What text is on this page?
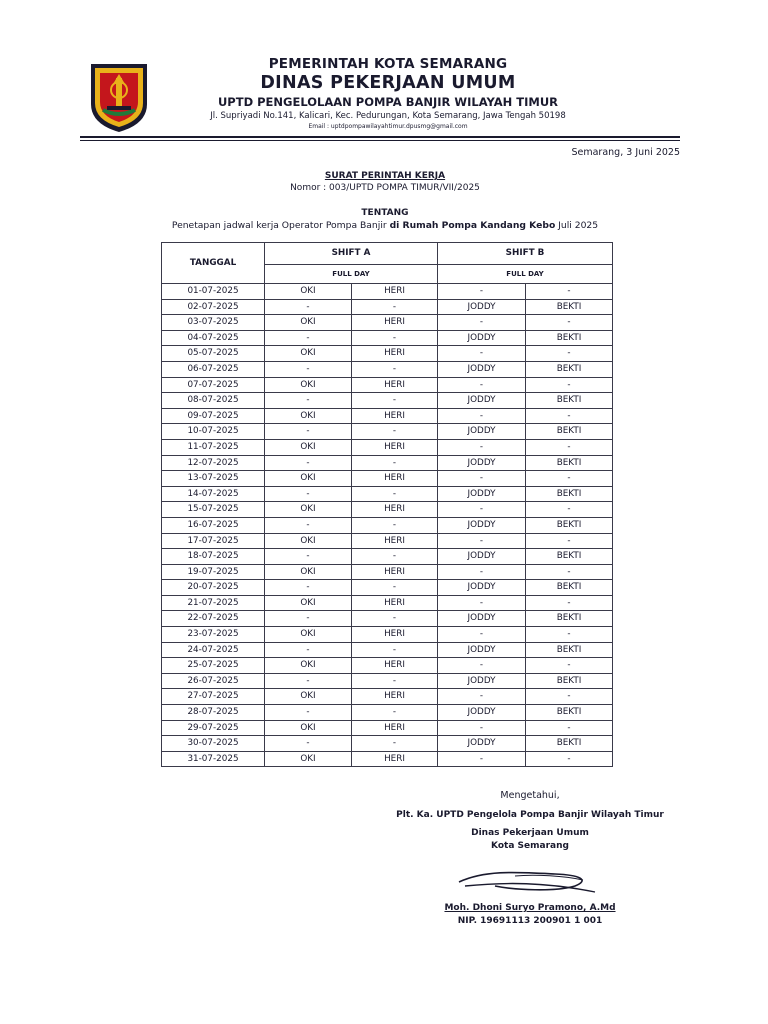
PEMERINTAH KOTA SEMARANG
DINAS PEKERJAAN UMUM
UPTD PENGELOLAAN POMPA BANJIR WILAYAH TIMUR
Jl. Supriyadi No.141, Kalicari, Kec. Pedurungan, Kota Semarang, Jawa Tengah 50198
Email : uptdpompawilayahtimur.dpusmg@gmail.com
Semarang, 3 Juni 2025
SURAT PERINTAH KERJA
Nomor : 003/UPTD POMPA TIMUR/VII/2025
TENTANG
Penetapan jadwal kerja Operator Pompa Banjir di Rumah Pompa Kandang Kebo Juli 2025
TANGGAL	SHIFT A		SHIFT B	
	FULL DAY		FULL DAY	
01-07-2025	OKI	HERI	-	-
02-07-2025	-	-	JODDY	BEKTI
03-07-2025	OKI	HERI	-	-
04-07-2025	-	-	JODDY	BEKTI
05-07-2025	OKI	HERI	-	-
06-07-2025	-	-	JODDY	BEKTI
07-07-2025	OKI	HERI	-	-
08-07-2025	-	-	JODDY	BEKTI
09-07-2025	OKI	HERI	-	-
10-07-2025	-	-	JODDY	BEKTI
11-07-2025	OKI	HERI	-	-
12-07-2025	-	-	JODDY	BEKTI
13-07-2025	OKI	HERI	-	-
14-07-2025	-	-	JODDY	BEKTI
15-07-2025	OKI	HERI	-	-
16-07-2025	-	-	JODDY	BEKTI
17-07-2025	OKI	HERI	-	-
18-07-2025	-	-	JODDY	BEKTI
19-07-2025	OKI	HERI	-	-
20-07-2025	-	-	JODDY	BEKTI
21-07-2025	OKI	HERI	-	-
22-07-2025	-	-	JODDY	BEKTI
23-07-2025	OKI	HERI	-	-
24-07-2025	-	-	JODDY	BEKTI
25-07-2025	OKI	HERI	-	-
26-07-2025	-	-	JODDY	BEKTI
27-07-2025	OKI	HERI	-	-
28-07-2025	-	-	JODDY	BEKTI
29-07-2025	OKI	HERI	-	-
30-07-2025	-	-	JODDY	BEKTI
31-07-2025	OKI	HERI	-	-
Mengetahui,
Plt. Ka. UPTD Pengelola Pompa Banjir Wilayah Timur
Dinas Pekerjaan Umum
Kota Semarang
Moh. Dhoni Suryo Pramono, A.Md
NIP. 19691113 200901 1 001
